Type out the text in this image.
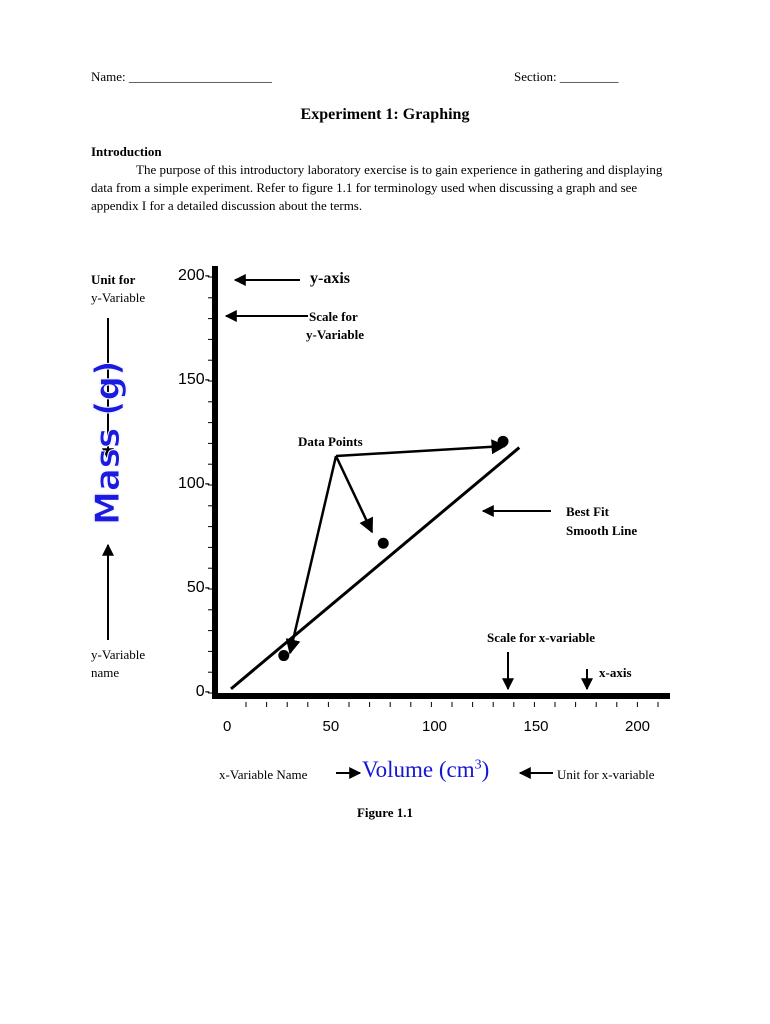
Name: ______________________	Section: _________
Experiment 1: Graphing
Introduction
The purpose of this introductory laboratory exercise is to gain experience in gathering and displaying data from a simple experiment. Refer to figure 1.1 for terminology used when discussing a graph and see appendix I for a detailed discussion about the terms.
0-
50-
100-
150-
200-
0	50	100	150	200
Unit for
y-Variable
y-axis
Scale for
y-Variable
Data Points
Best Fit
Smooth Line
Scale for x-variable
x-axis
y-Variable
name
x-Variable Name Volume $(cm^3)$	Unit for x-variable
Mass (g)
Figure 1.1
